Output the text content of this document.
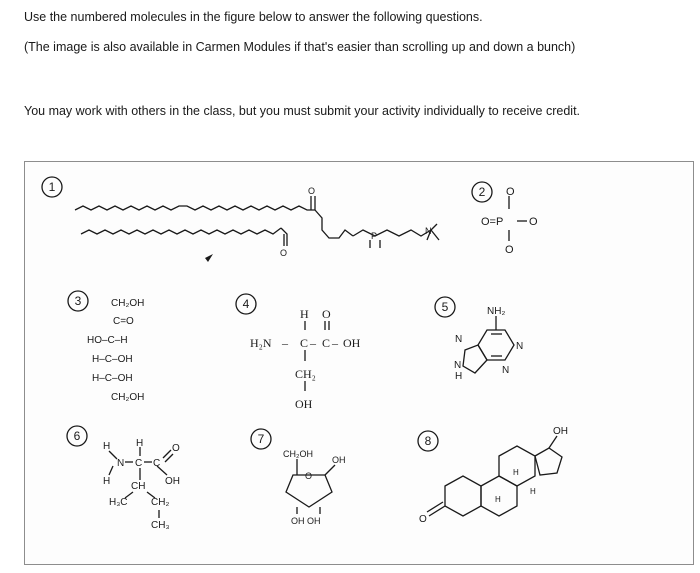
Use the numbered molecules in the figure below to answer the following questions.
(The image is also available in Carmen Modules if that's easier than scrolling up and down a bunch)
You may work with others in the class, but you must submit your activity individually to receive credit.
1	2
3	4	5
6	7	8
O
O
P	N
O
O=P O
O
CH₂OH
C=O
HO–C–H
H–C–OH
H–C–OH
CH₂OH
H O
H₂N – C – C – OH
CH₂
OH
NH₂
N
N
N
N
H
H
N C C
O
H
H	OH
CH
H₃C CH₂
CH₃
CH₂OH
O
OH
OH OH
OH
H
H
H
O
